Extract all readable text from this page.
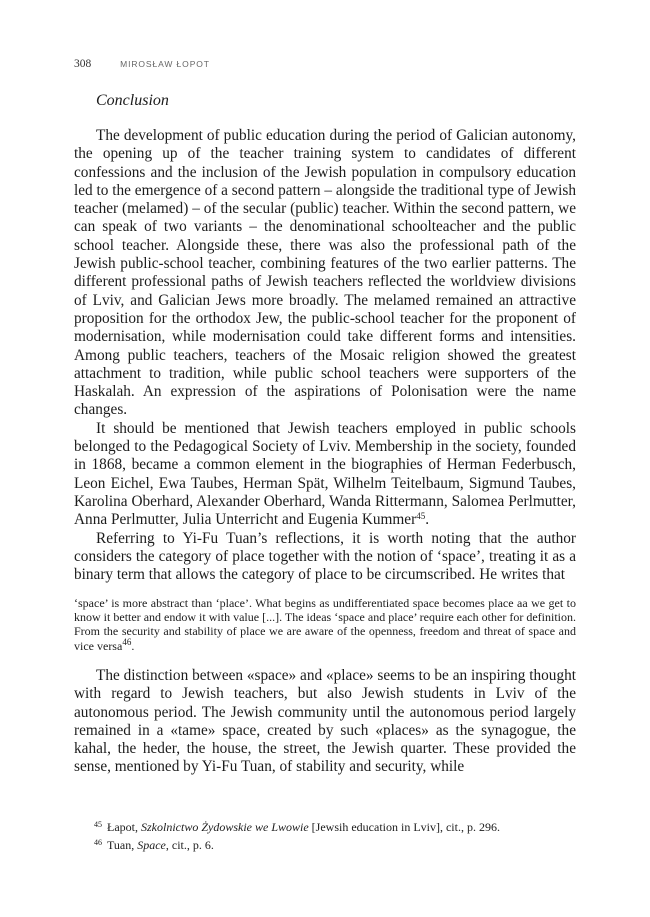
308	MIROSŁAW ŁOPOT
Conclusion

The development of public education during the period of Galician autonomy, the opening up of the teacher training system to candidates of different confessions and the inclusion of the Jewish population in compulsory education led to the emergence of a second pattern – alongside the traditional type of Jewish teacher (melamed) – of the secular (public) teacher. Within the second pattern, we can speak of two variants – the denominational schoolteacher and the public school teacher. Alongside these, there was also the professional path of the Jewish public-school teacher, combining features of the two earlier patterns. The different professional paths of Jewish teachers reflected the worldview divisions of Lviv, and Galician Jews more broadly. The melamed remained an attractive proposition for the orthodox Jew, the public-school teacher for the proponent of modernisation, while modernisation could take different forms and intensities. Among public teachers, teachers of the Mosaic religion showed the greatest attachment to tradition, while public school teachers were supporters of the Haskalah. An expression of the aspirations of Polonisation were the name changes.

It should be mentioned that Jewish teachers employed in public schools belonged to the Pedagogical Society of Lviv. Membership in the society, founded in 1868, became a common element in the biographies of Herman Federbusch, Leon Eichel, Ewa Taubes, Herman Spät, Wilhelm Teitelbaum, Sigmund Taubes, Karolina Oberhard, Alexander Oberhard, Wanda Rittermann, Salomea Perlmutter, Anna Perlmutter, Julia Unterricht and Eugenia Kummer$^{45}$.

Referring to Yi-Fu Tuan’s reflections, it is worth noting that the author considers the category of place together with the notion of ‘space’, treating it as a binary term that allows the category of place to be circumscribed. He writes that

‘space’ is more abstract than ‘place’. What begins as undifferentiated space becomes place aa we get to know it better and endow it with value [...]. The ideas ‘space and place’ require each other for definition. From the security and stability of place we are aware of the openness, freedom and threat of space and vice versa$^{46}$.

The distinction between «space» and «place» seems to be an inspiring thought with regard to Jewish teachers, but also Jewish students in Lviv of the autonomous period. The Jewish community until the autonomous period largely remained in a «tame» space, created by such «places» as the synagogue, the kahal, the heder, the house, the street, the Jewish quarter. These provided the sense, mentioned by Yi-Fu Tuan, of stability and security, while

$^{45}$ Łapot, Szkolnictwo Żydowskie we Lwowie [Jewsih education in Lviv], cit., p. 296.

$^{46}$ Tuan, Space, cit., p. 6.
